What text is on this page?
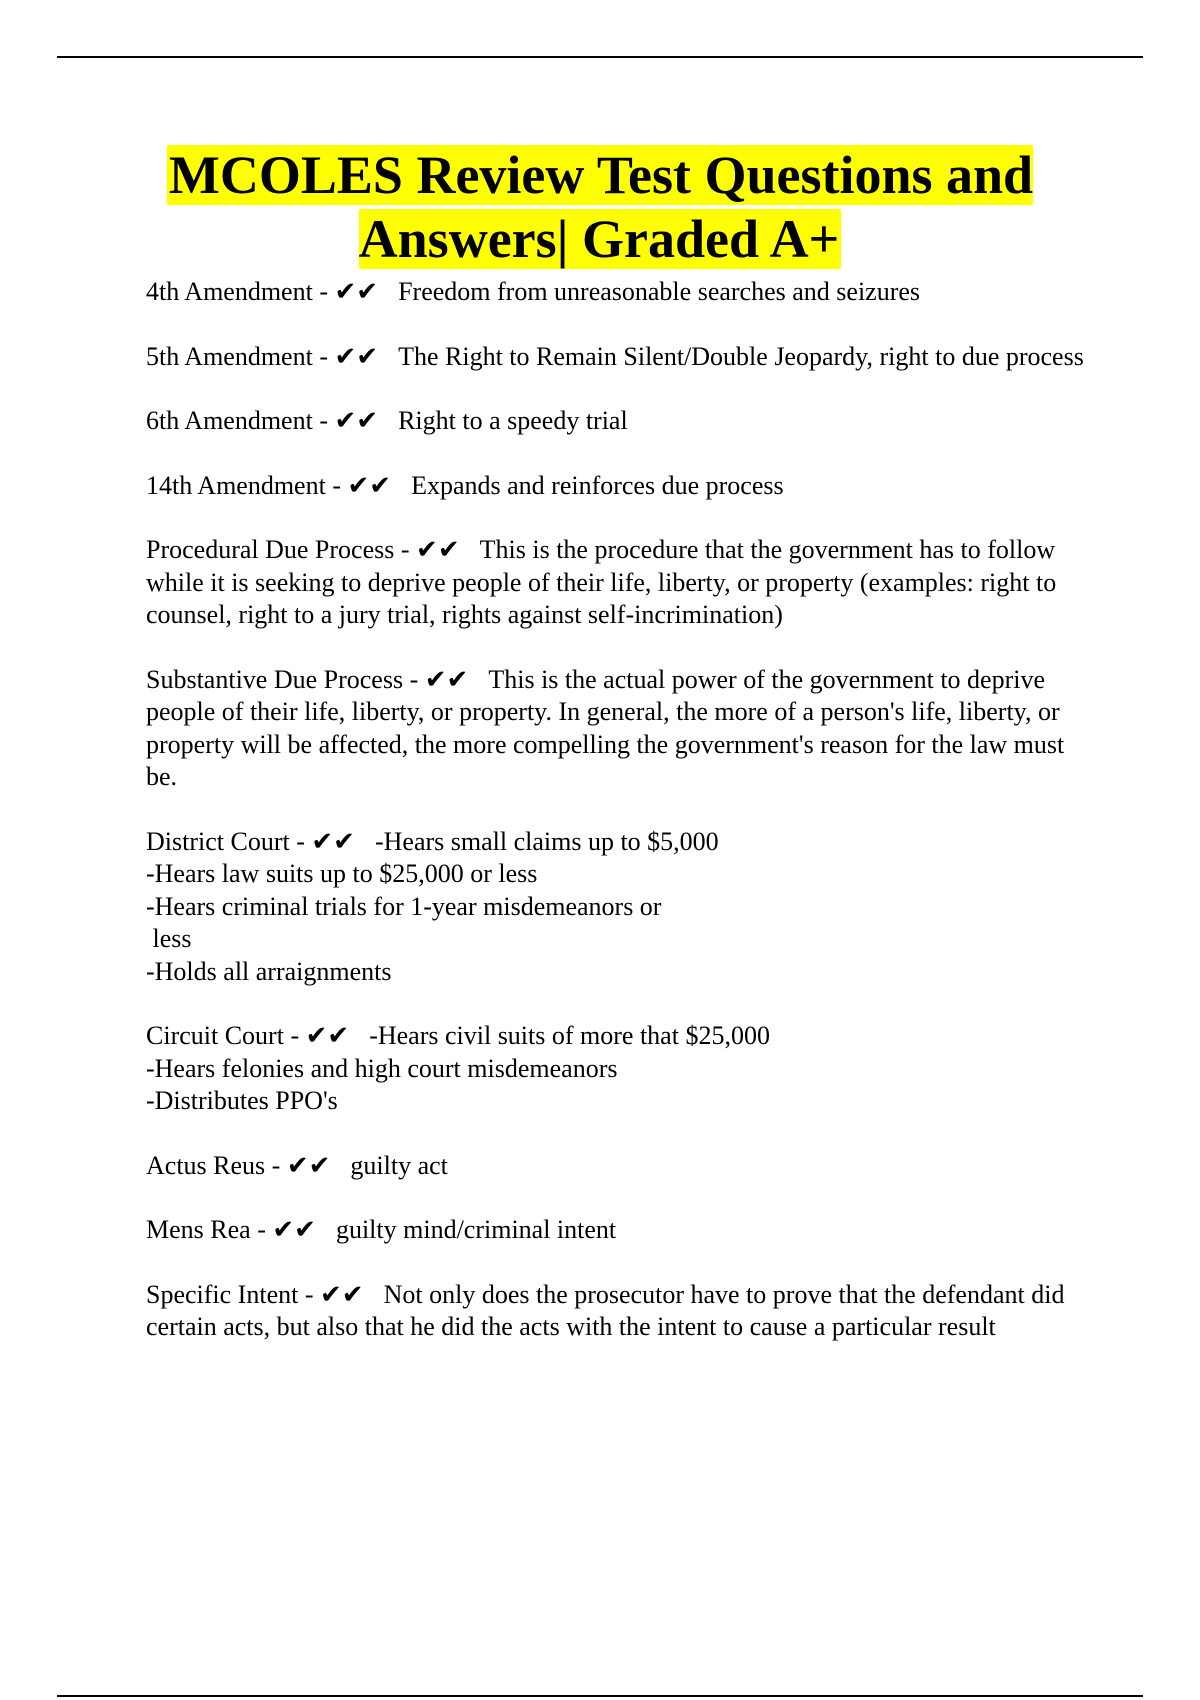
MCOLES Review Test Questions and Answers| Graded A+
4th Amendment - ✔✔ Freedom from unreasonable searches and seizures
5th Amendment - ✔✔ The Right to Remain Silent/Double Jeopardy, right to due process
6th Amendment - ✔✔ Right to a speedy trial
14th Amendment - ✔✔ Expands and reinforces due process
Procedural Due Process - ✔✔ This is the procedure that the government has to follow while it is seeking to deprive people of their life, liberty, or property (examples: right to counsel, right to a jury trial, rights against self-incrimination)
Substantive Due Process - ✔✔ This is the actual power of the government to deprive people of their life, liberty, or property. In general, the more of a person's life, liberty, or property will be affected, the more compelling the government's reason for the law must be.
District Court - ✔✔ -Hears small claims up to $5,000
-Hears law suits up to $25,000 or less
-Hears criminal trials for 1-year misdemeanors or
less
-Holds all arraignments
Circuit Court - ✔✔ -Hears civil suits of more that $25,000
-Hears felonies and high court misdemeanors
-Distributes PPO's
Actus Reus - ✔✔ guilty act
Mens Rea - ✔✔ guilty mind/criminal intent
Specific Intent - ✔✔ Not only does the prosecutor have to prove that the defendant did certain acts, but also that he did the acts with the intent to cause a particular result
